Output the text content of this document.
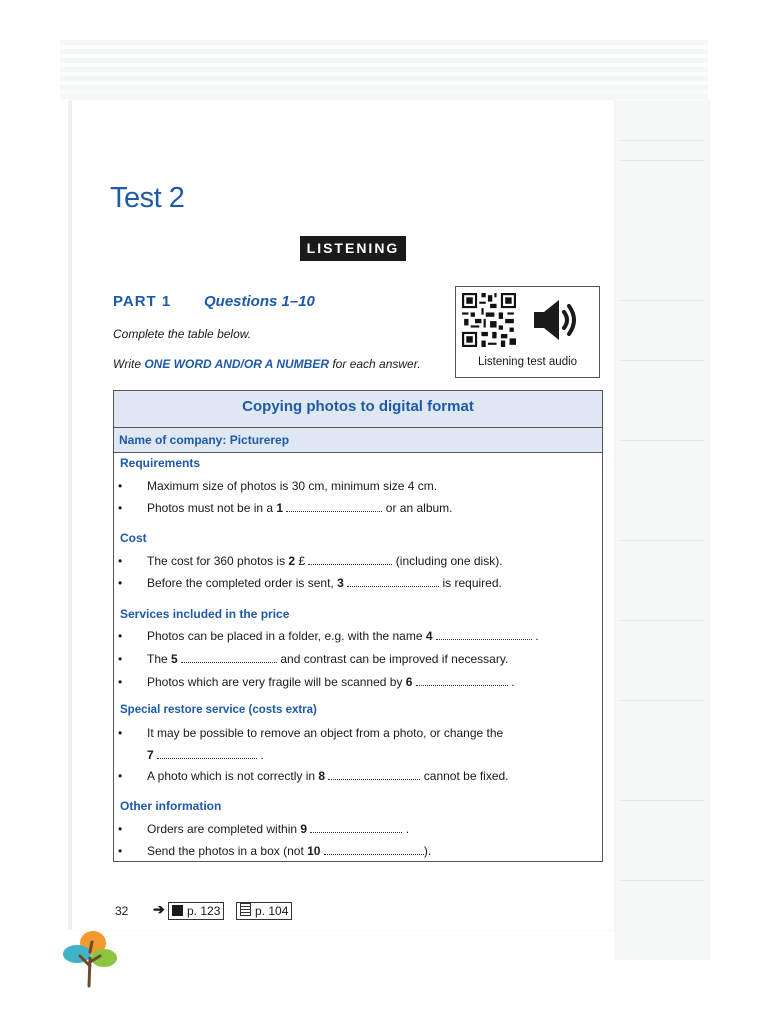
Test 2
LISTENING
PART 1 Questions 1–10
Complete the table below.
Write ONE WORD AND/OR A NUMBER for each answer.	Listening test audio
Copying photos to digital format
Name of company: Picturerep
Requirements
• Maximum size of photos is 30 cm, minimum size 4 cm.
• Photos must not be in a 1	or an album.
Cost
• The cost for 360 photos is 2 £	(including one disk).
• Before the completed order is sent, 3	is required.
Services included in the price
• Photos can be placed in a folder, e.g. with the name 4	.
• The 5	and contrast can be improved if necessary.
• Photos which are very fragile will be scanned by 6	.
Special restore service (costs extra)
• It may be possible to remove an object from a photo, or change the
7	.
• A photo which is not correctly in 8	cannot be fixed.
Other information
• Orders are completed within 9	.
• Send the photos in a box (not 10	).
32 ➔	p. 123	p. 104
